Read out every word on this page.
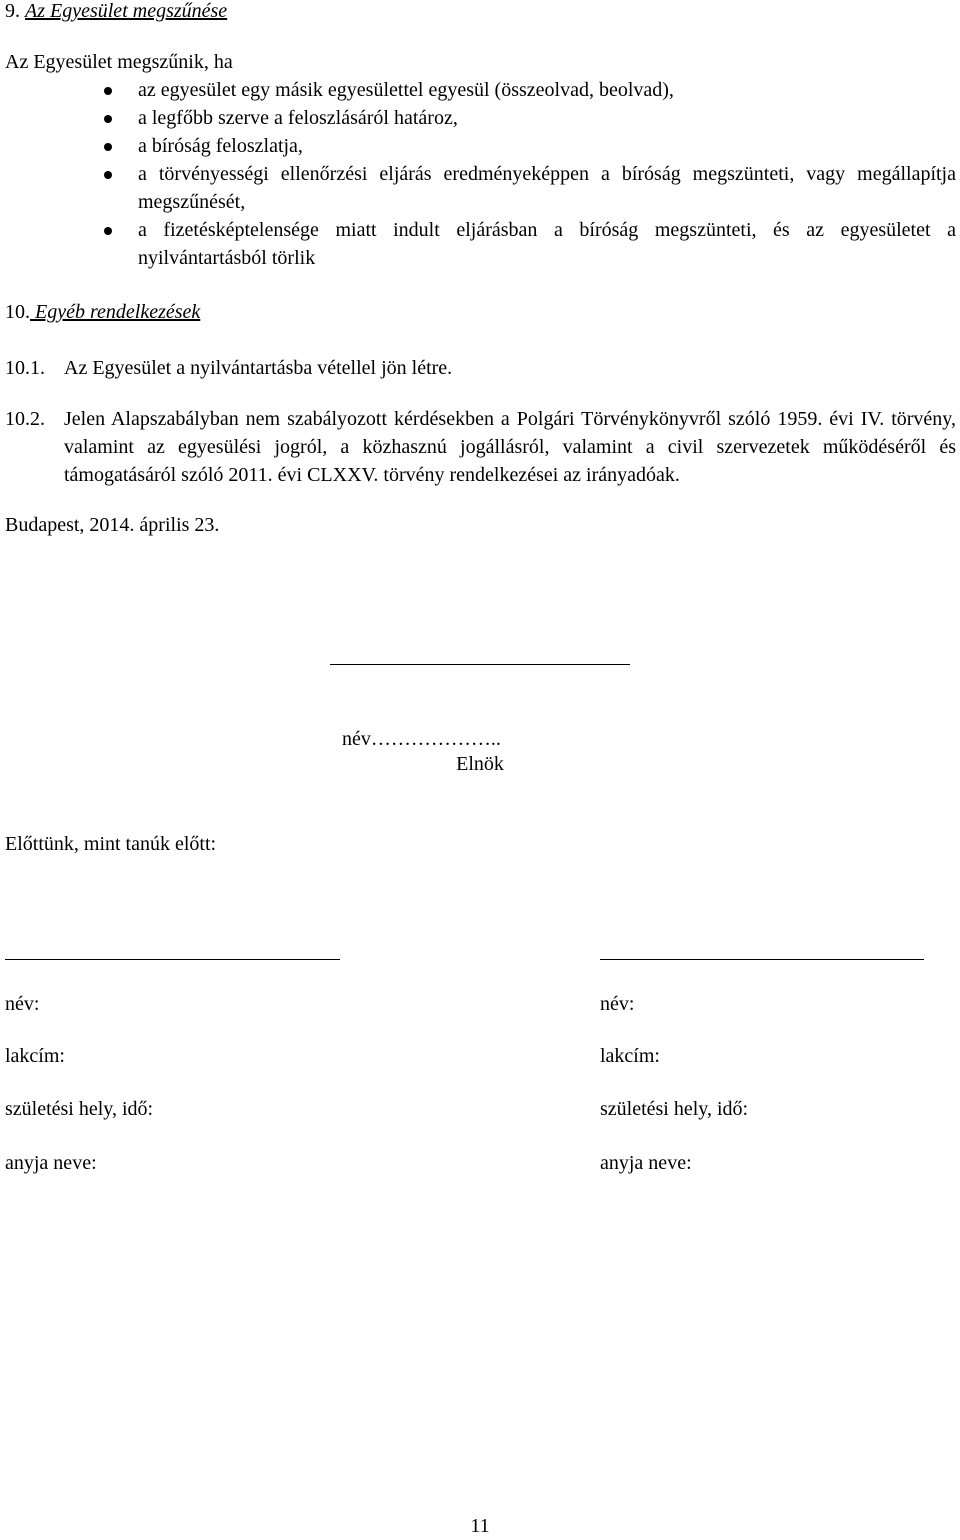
9. Az Egyesület megszűnése
Az Egyesület megszűnik, ha
az egyesület egy másik egyesülettel egyesül (összeolvad, beolvad),
a legfőbb szerve a feloszlásáról határoz,
a bíróság feloszlatja,
a törvényességi ellenőrzési eljárás eredményeképpen a bíróság megszünteti, vagy megállapítja megszűnését,
a fizetésképtelensége miatt indult eljárásban a bíróság megszünteti, és az egyesületet a nyilvántartásból törlik
10. Egyéb rendelkezések
10.1. Az Egyesület a nyilvántartásba vétellel jön létre.
10.2. Jelen Alapszabályban nem szabályozott kérdésekben a Polgári Törvénykönyvről szóló 1959. évi IV. törvény, valamint az egyesülési jogról, a közhasznú jogállásról, valamint a civil szervezetek működéséről és támogatásáról szóló 2011. évi CLXXV. törvény rendelkezései az irányadóak.
Budapest, 2014. április 23.
név………………..
Elnök
Előttünk, mint tanúk előtt:
név:
lakcím:
születési hely, idő:
anyja neve:
név:
lakcím:
születési hely, idő:
anyja neve:
11
